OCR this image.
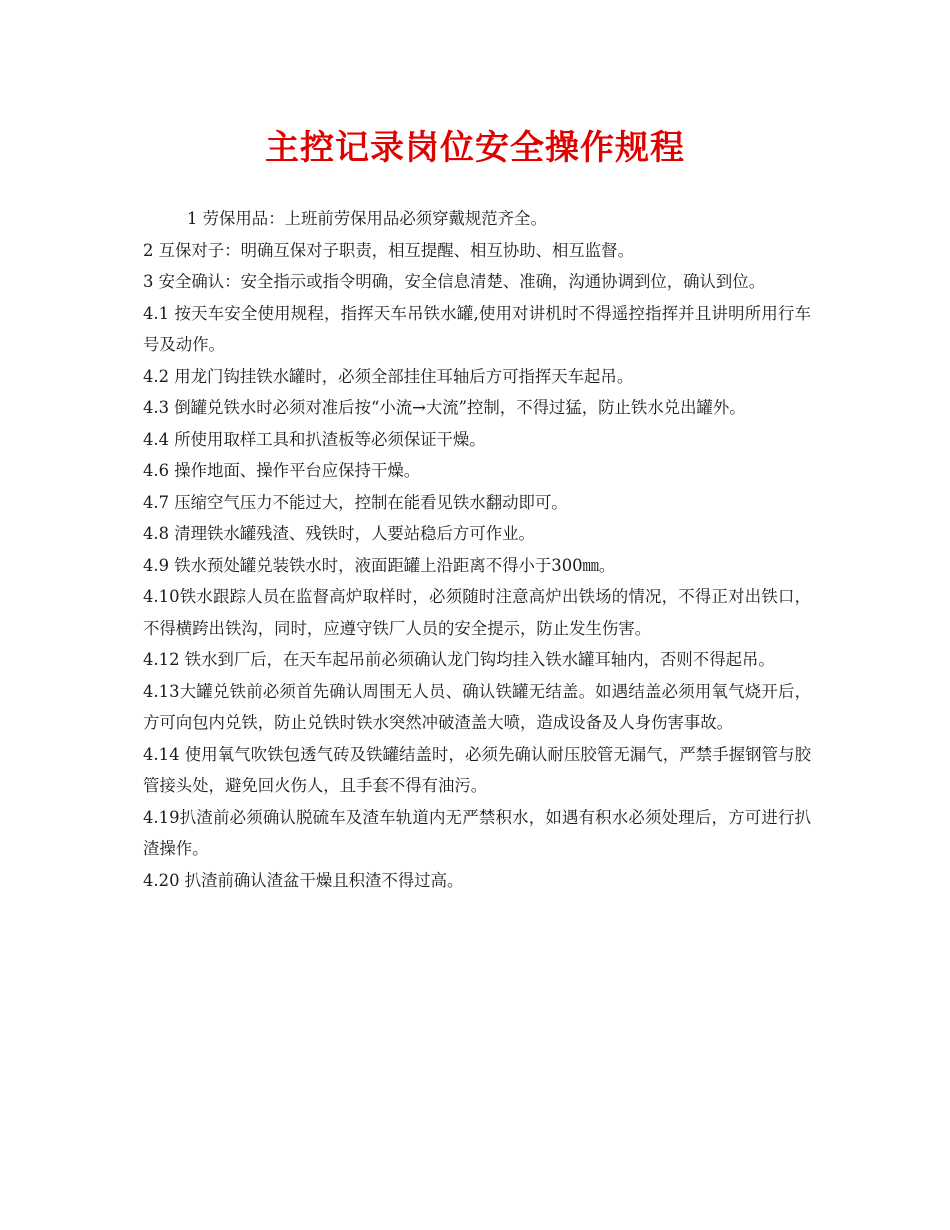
主控记录岗位安全操作规程

1 劳保用品：上班前劳保用品必须穿戴规范齐全。

2 互保对子：明确互保对子职责，相互提醒、相互协助、相互监督。

3 安全确认：安全指示或指令明确，安全信息清楚、准确，沟通协调到位，确认到位。

4.1 按天车安全使用规程，指挥天车吊铁水罐,使用对讲机时不得遥控指挥并且讲明所用行车号及动作。

4.2 用龙门钩挂铁水罐时，必须全部挂住耳轴后方可指挥天车起吊。

4.3 倒罐兑铁水时必须对准后按“小流→大流”控制，不得过猛，防止铁水兑出罐外。

4.4 所使用取样工具和扒渣板等必须保证干燥。

4.6 操作地面、操作平台应保持干燥。

4.7 压缩空气压力不能过大，控制在能看见铁水翻动即可。

4.8 清理铁水罐残渣、残铁时，人要站稳后方可作业。

4.9 铁水预处罐兑装铁水时，液面距罐上沿距离不得小于300㎜。

4.10铁水跟踪人员在监督高炉取样时，必须随时注意高炉出铁场的情况，不得正对出铁口，不得横跨出铁沟，同时，应遵守铁厂人员的安全提示，防止发生伤害。

4.12 铁水到厂后，在天车起吊前必须确认龙门钩均挂入铁水罐耳轴内，否则不得起吊。

4.13大罐兑铁前必须首先确认周围无人员、确认铁罐无结盖。如遇结盖必须用氧气烧开后，方可向包内兑铁，防止兑铁时铁水突然冲破渣盖大喷，造成设备及人身伤害事故。

4.14 使用氧气吹铁包透气砖及铁罐结盖时，必须先确认耐压胶管无漏气，严禁手握钢管与胶管接头处，避免回火伤人，且手套不得有油污。

4.19扒渣前必须确认脱硫车及渣车轨道内无严禁积水，如遇有积水必须处理后，方可进行扒渣操作。

4.20 扒渣前确认渣盆干燥且积渣不得过高。
